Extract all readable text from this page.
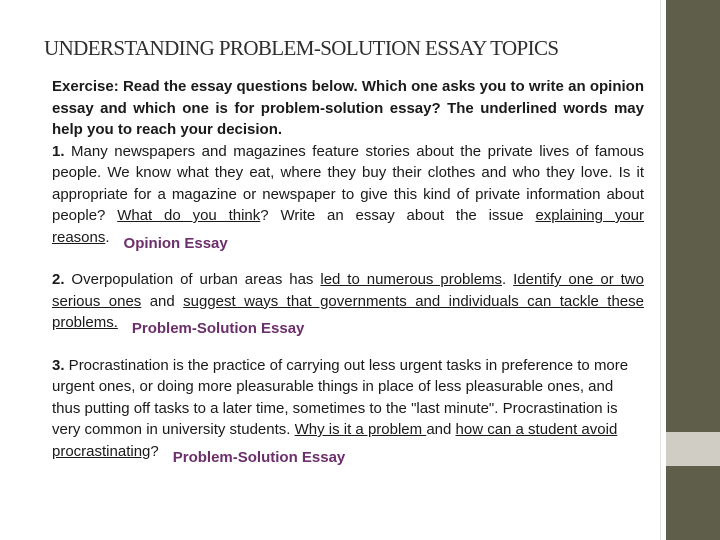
UNDERSTANDING PROBLEM-SOLUTION ESSAY TOPICS

Exercise: Read the essay questions below. Which one asks you to write an opinion essay and which one is for problem-solution essay? The underlined words may help you to reach your decision.

1. Many newspapers and magazines feature stories about the private lives of famous people. We know what they eat, where they buy their clothes and who they love. Is it appropriate for a magazine or newspaper to give this kind of private information about people? What do you think? Write an essay about the issue explaining your reasons. Opinion Essay

2. Overpopulation of urban areas has led to numerous problems. Identify one or two serious ones and suggest ways that governments and individuals can tackle these problems. Problem-Solution Essay

3. Procrastination is the practice of carrying out less urgent tasks in preference to more urgent ones, or doing more pleasurable things in place of less pleasurable ones, and thus putting off tasks to a later time, sometimes to the "last minute". Procrastination is very common in university students. Why is it a problem and how can a student avoid procrastinating? Problem-Solution Essay
